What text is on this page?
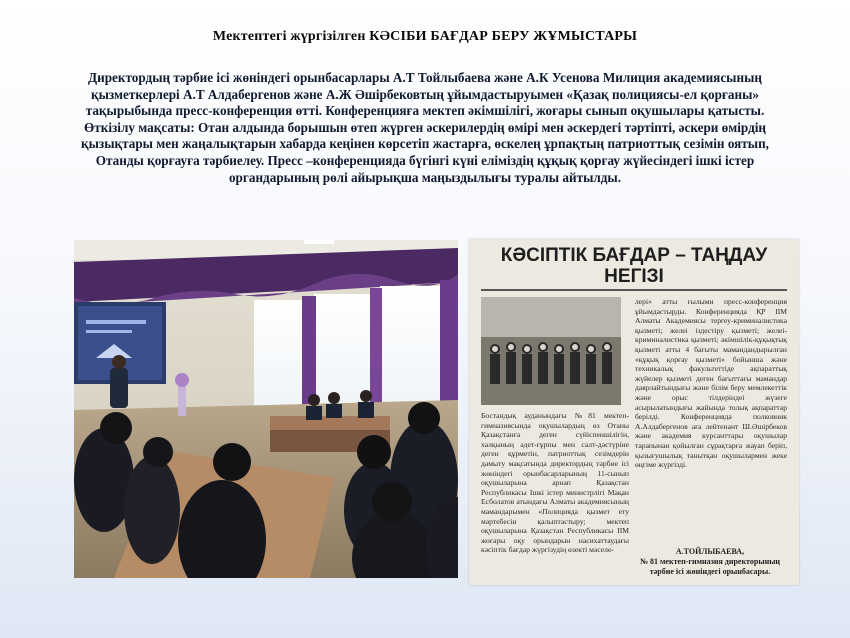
Мектептегі жүргізілген КӘСІБИ БАҒДАР БЕРУ ЖҰМЫСТАРЫ
Директордың тәрбие ісі жөніндегі орынбасарлары А.Т Тойлыбаева және А.К Усенова Милиция академиясының қызметкерлері А.Т Алдабергенов және А.Ж Әшірбековтың ұйымдастыруымен «Қазақ полициясы-ел қорғаны» тақырыбында пресс-конференция өтті. Конференцияға мектеп әкімшілігі, жоғары сынып оқушылары қатысты. Өткізілу мақсаты: Отан алдында борышын өтеп жүрген әскерилердің өмірі мен әскердегі тәртіпті, әскери өмірдің қызықтары мен жаңалықтарын хабарда кеңінен көрсетіп жастарға, өскелең ұрпақтың патриоттық сезімін оятып, Отанды қорғауға тәрбиелеу. Пресс –конференцияда бүгінгі күні еліміздің құқық қорғау жүйесіндегі ішкі істер органдарының рөлі айырықша маңыздылығы туралы айтылды.
КӘСІПТІК БАҒДАР – ТАҢДАУ НЕГІЗІ
Бостандық ауданындағы №81 мектеп-гимназиясында оқушылардың өз Отаны Қазақстанға деген сүйіспеншілігін, халқының әдет-ғұрпы мен салт-дәстүріне деген құрметін, патриоттық сезімдерін дамыту мақсатында директордың тәрбие ісі жөніндегі орынбасарларының 11-сынып оқушыларына арнап Қазақстан Республикасы Ішкі істер министрлігі Мақан Есболатов атындағы Алматы академиясының мамандарымен «Полицияда қызмет ету мәртебесін қалыптастыру; мектеп оқушыларына Қазақстан Республикасы ІІМ жоғары оқу орындарын насихаттаудағы кәсіптік бағдар жүргізудің өзекті мәселе-
лері» атты ғылыми пресс-конференция ұйымдастырды. Конференцияда ҚР ІІМ Алматы Академиясы тергеу-криминалистика қызметі; желеі іздестіру қызметі; желеі-криминалистика қызметі; әкімшілік-құқықтық қызметі атты 4 бағыты мамандандырылған «құқық қорғау қызметі» бойынша және техникалық факультеттіде ақпараттық жүйелер қызметі деген бағыттағы мамандар даярлайтындығы және білім беру мемлекеттік және орыс тілдеріндеі жүзеге асырылатындығы жайында толық ақпараттар берілді. Конференцияда полковник А.Алдабергенов аға лейтенант Ш.Әшірбеков және академия курсанттары оқушылар тарапынан қойылған сұрақтарға жауап беріп, қызығушылық танытқан оқушылармен жеке өңгіме жүргізді.
А.ТОЙЛЫБАЕВА,
№ 81 мектеп-гимназия директорының тәрбие ісі жөніндегі орынбасары.
